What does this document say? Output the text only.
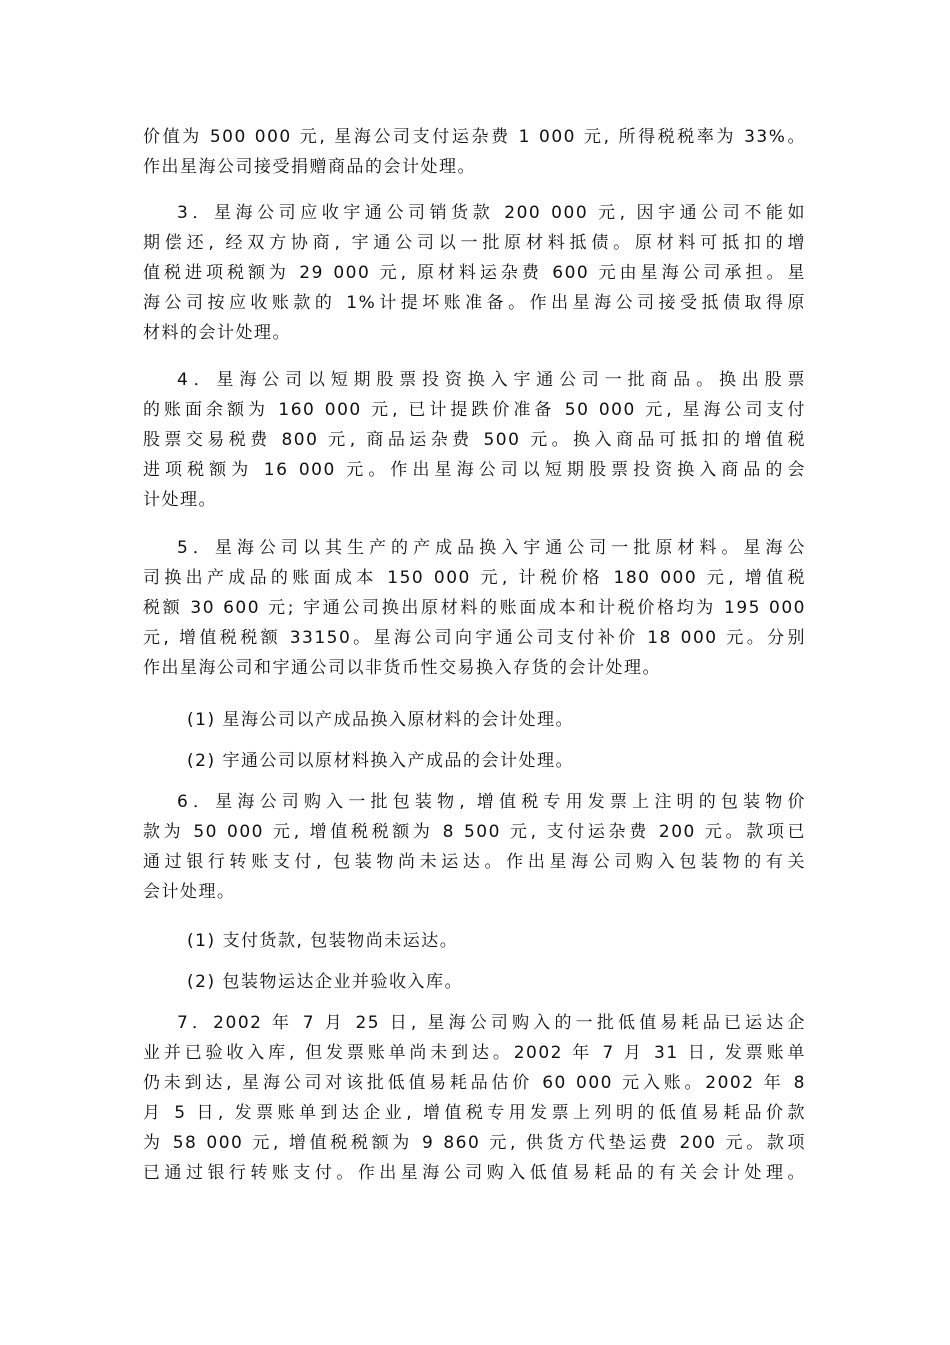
价值为 500 000 元, 星海公司支付运杂费 1 000 元, 所得税税率为 33%。
作出星海公司接受捐赠商品的会计处理。
3．星海公司应收宇通公司销货款 200 000 元, 因宇通公司不能如
期偿还, 经双方协商, 宇通公司以一批原材料抵债。原材料可抵扣的增
值税进项税额为 29 000 元, 原材料运杂费 600 元由星海公司承担。星
海公司按应收账款的 1%计提坏账准备。作出星海公司接受抵债取得原
材料的会计处理。
4．星海公司以短期股票投资换入宇通公司一批商品。换出股票
的账面余额为 160 000 元, 已计提跌价准备 50 000 元, 星海公司支付
股票交易税费 800 元, 商品运杂费 500 元。换入商品可抵扣的增值税
进项税额为 16 000 元。作出星海公司以短期股票投资换入商品的会
计处理。
5．星海公司以其生产的产成品换入宇通公司一批原材料。星海公
司换出产成品的账面成本 150 000 元, 计税价格 180 000 元, 增值税
税额 30 600 元; 宇通公司换出原材料的账面成本和计税价格均为 195 000
元, 增值税税额 33150。星海公司向宇通公司支付补价 18 000 元。分别
作出星海公司和宇通公司以非货币性交易换入存货的会计处理。
(1) 星海公司以产成品换入原材料的会计处理。
(2) 宇通公司以原材料换入产成品的会计处理。
6．星海公司购入一批包装物, 增值税专用发票上注明的包装物价
款为 50 000 元, 增值税税额为 8 500 元, 支付运杂费 200 元。款项已
通过银行转账支付, 包装物尚未运达。作出星海公司购入包装物的有关
会计处理。
(1) 支付货款, 包装物尚未运达。
(2) 包装物运达企业并验收入库。
7．2002 年 7 月 25 日, 星海公司购入的一批低值易耗品已运达企
业并已验收入库, 但发票账单尚未到达。2002 年 7 月 31 日, 发票账单
仍未到达, 星海公司对该批低值易耗品估价 60 000 元入账。2002 年 8
月 5 日, 发票账单到达企业, 增值税专用发票上列明的低值易耗品价款
为 58 000 元, 增值税税额为 9 860 元, 供货方代垫运费 200 元。款项
已通过银行转账支付。作出星海公司购入低值易耗品的有关会计处理。
